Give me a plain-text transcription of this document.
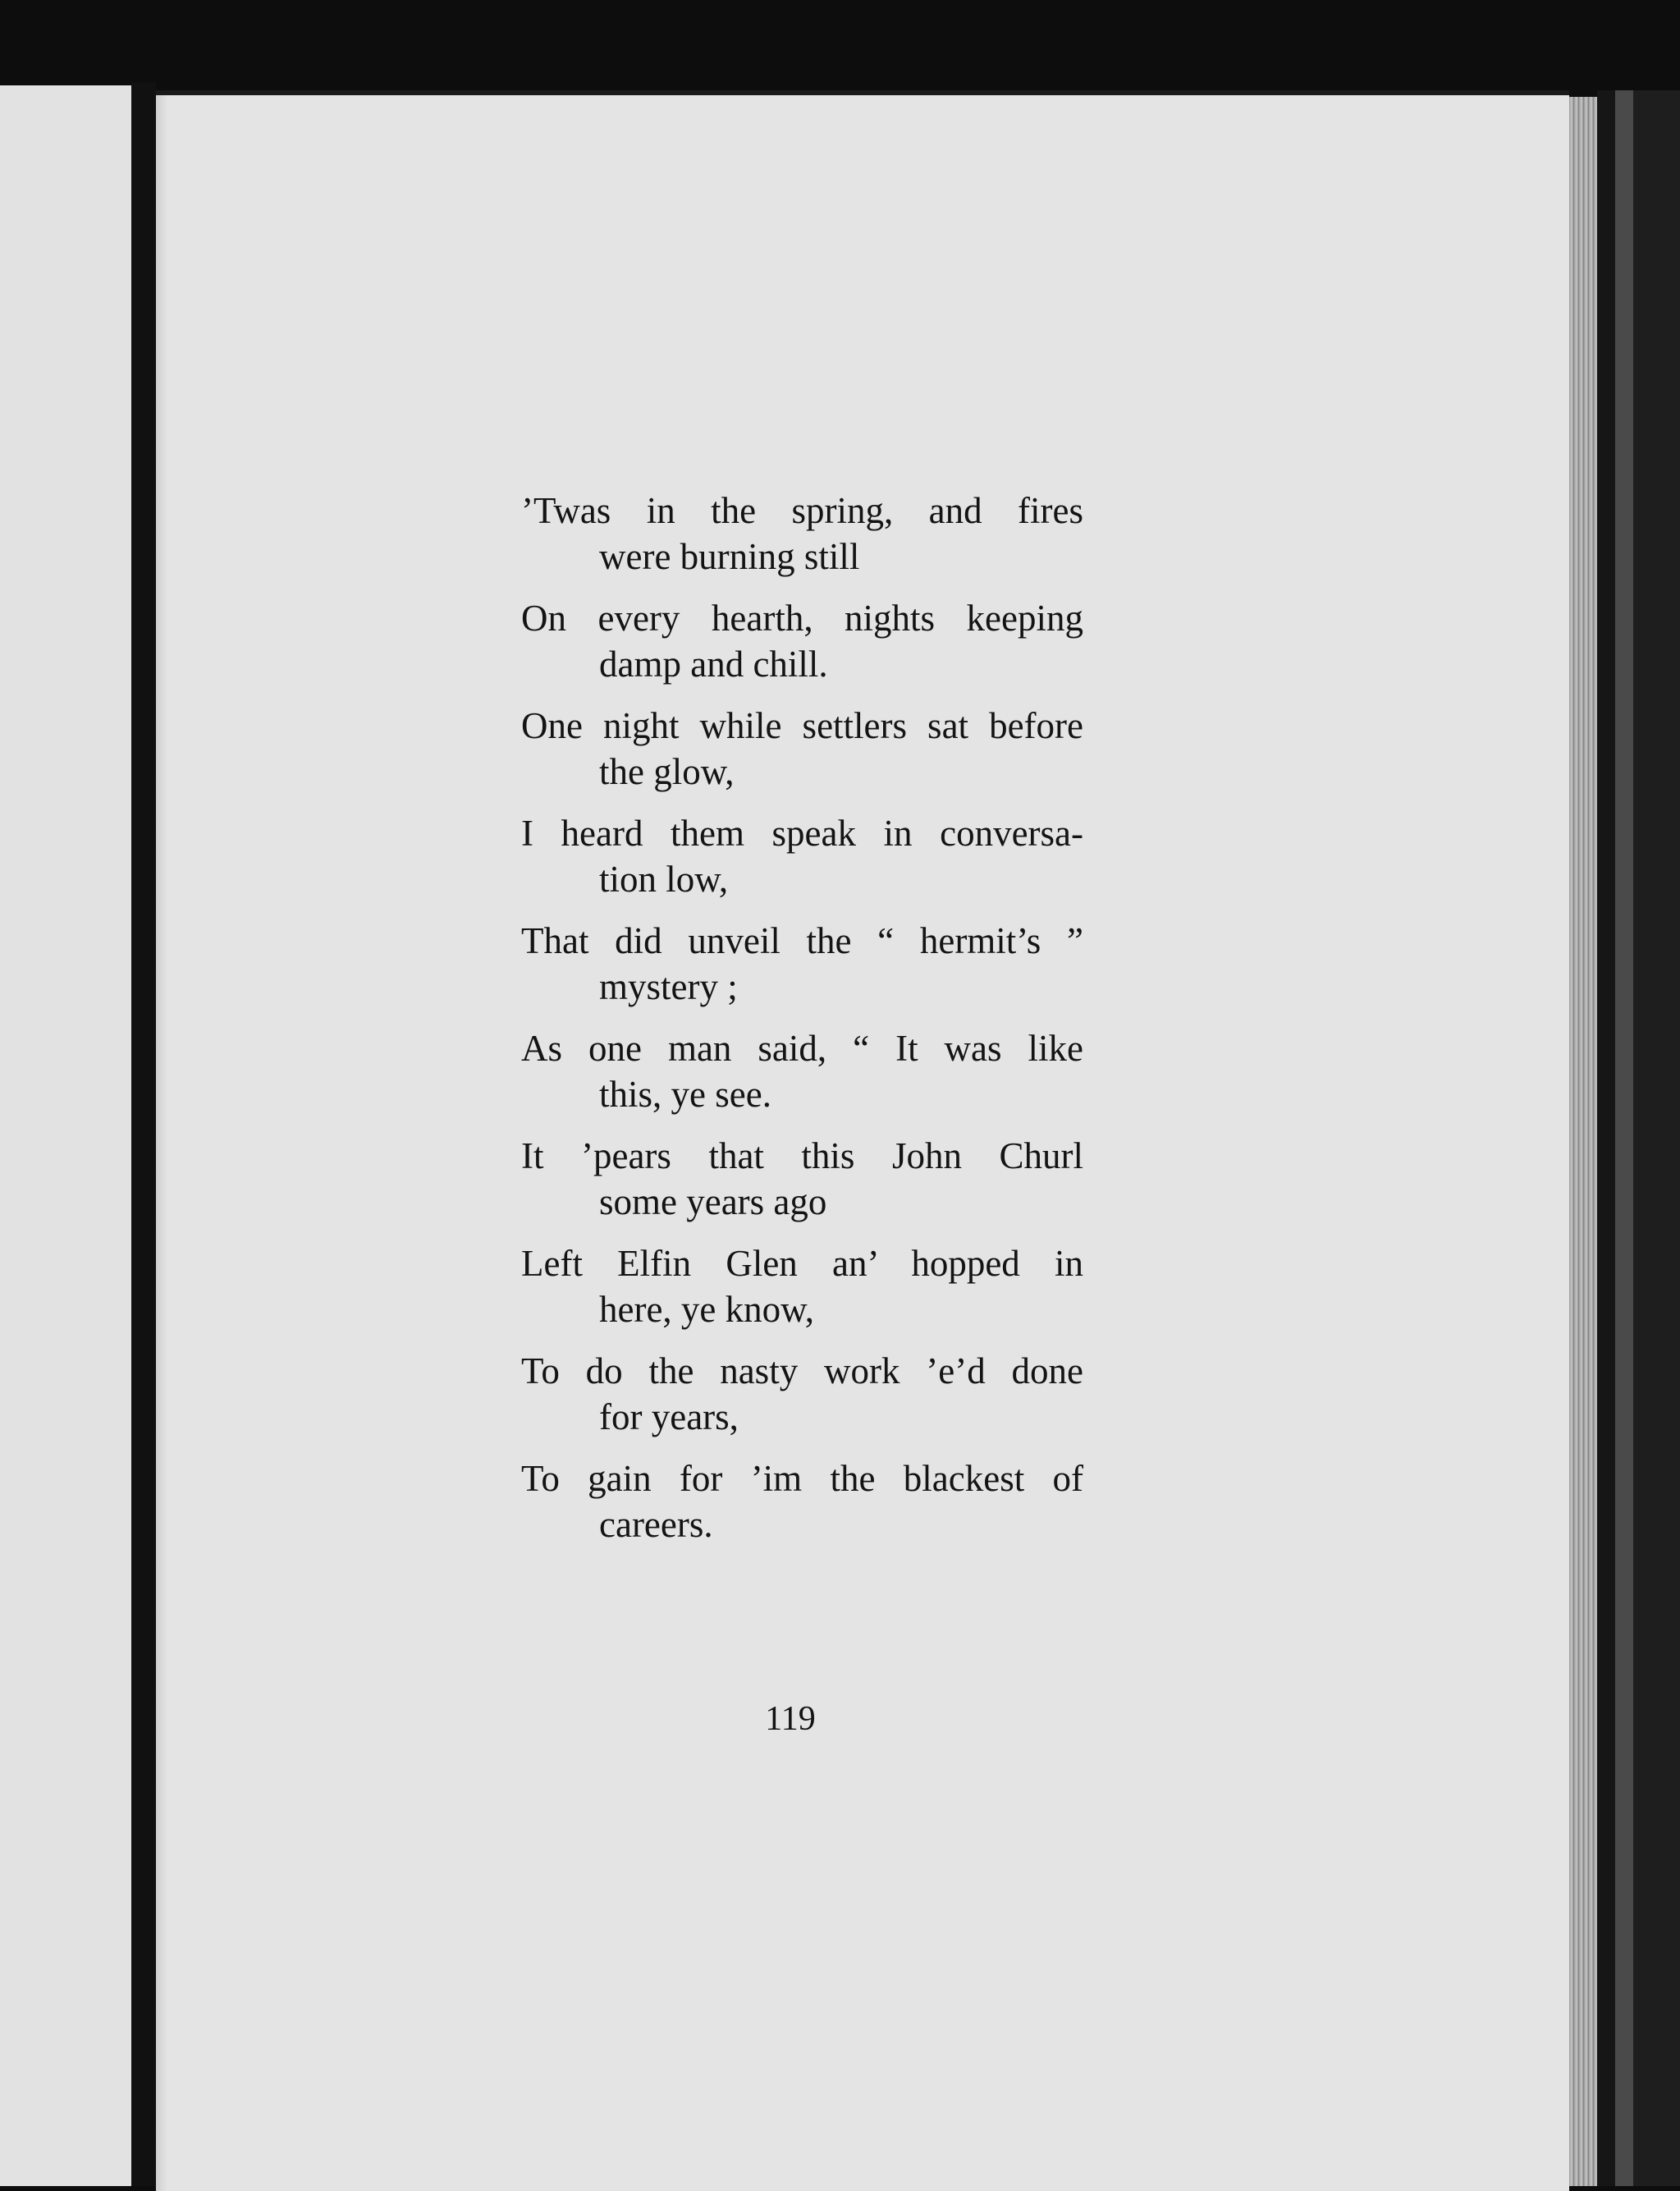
’Twas in the spring, and fires
were burning still
On every hearth, nights keeping
damp and chill.
One night while settlers sat before
the glow,
I heard them speak in conversa-
tion low,
That did unveil the “ hermit’s ”
mystery ;
As one man said, “ It was like
this, ye see.
It ’pears that this John Churl
some years ago
Left Elfin Glen an’ hopped in
here, ye know,
To do the nasty work ’e’d done
for years,
To gain for ’im the blackest of
careers.
119
